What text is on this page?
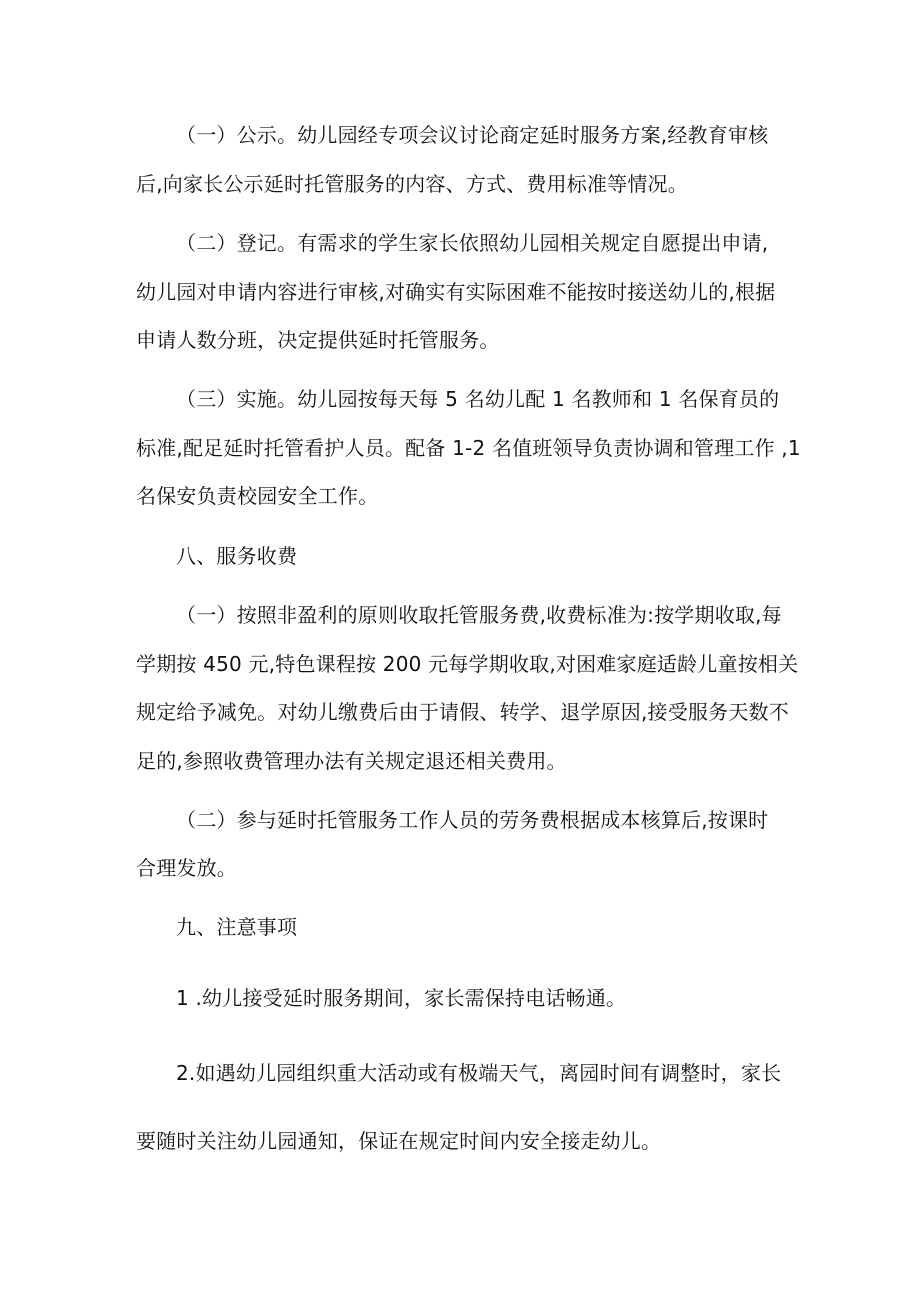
（一）公示。幼儿园经专项会议讨论商定延时服务方案,经教育审核
后,向家长公示延时托管服务的内容、方式、费用标准等情况。
（二）登记。有需求的学生家长依照幼儿园相关规定自愿提出申请,
幼儿园对申请内容进行审核,对确实有实际困难不能按时接送幼儿的,根据
申请人数分班，决定提供延时托管服务。
（三）实施。幼儿园按每天每 5 名幼儿配 1 名教师和 1 名保育员的
标准,配足延时托管看护人员。配备 1-2 名值班领导负责协调和管理工作 ,1
名保安负责校园安全工作。
八、服务收费
（一）按照非盈利的原则收取托管服务费,收费标准为:按学期收取,每
学期按 450 元,特色课程按 200 元每学期收取,对困难家庭适龄儿童按相关
规定给予减免。对幼儿缴费后由于请假、转学、退学原因,接受服务天数不
足的,参照收费管理办法有关规定退还相关费用。
（二）参与延时托管服务工作人员的劳务费根据成本核算后,按课时
合理发放。
九、注意事项
1 .幼儿接受延时服务期间，家长需保持电话畅通。
2.如遇幼儿园组织重大活动或有极端天气，离园时间有调整时，家长
要随时关注幼儿园通知，保证在规定时间内安全接走幼儿。
